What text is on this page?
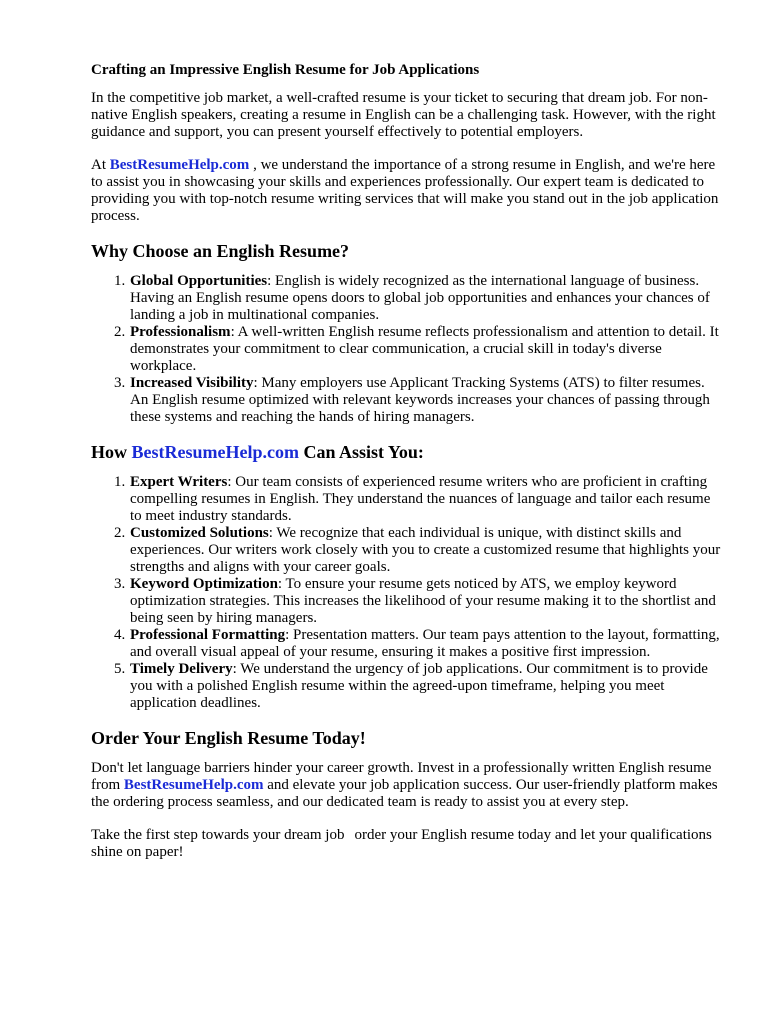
Crafting an Impressive English Resume for Job Applications

In the competitive job market, a well-crafted resume is your ticket to securing that dream job. For non-native English speakers, creating a resume in English can be a challenging task. However, with the right guidance and support, you can present yourself effectively to potential employers.

At BestResumeHelp.com , we understand the importance of a strong resume in English, and we're here to assist you in showcasing your skills and experiences professionally. Our expert team is dedicated to providing you with top-notch resume writing services that will make you stand out in the job application process.

Why Choose an English Resume?
1. Global Opportunities: English is widely recognized as the international language of business. Having an English resume opens doors to global job opportunities and enhances your chances of landing a job in multinational companies.
2. Professionalism: A well-written English resume reflects professionalism and attention to detail. It demonstrates your commitment to clear communication, a crucial skill in today's diverse workplace.
3. Increased Visibility: Many employers use Applicant Tracking Systems (ATS) to filter resumes. An English resume optimized with relevant keywords increases your chances of passing through these systems and reaching the hands of hiring managers.
How BestResumeHelp.com Can Assist You:
1. Expert Writers: Our team consists of experienced resume writers who are proficient in crafting compelling resumes in English. They understand the nuances of language and tailor each resume to meet industry standards.
2. Customized Solutions: We recognize that each individual is unique, with distinct skills and experiences. Our writers work closely with you to create a customized resume that highlights your strengths and aligns with your career goals.
3. Keyword Optimization: To ensure your resume gets noticed by ATS, we employ keyword optimization strategies. This increases the likelihood of your resume making it to the shortlist and being seen by hiring managers.
4. Professional Formatting: Presentation matters. Our team pays attention to the layout, formatting, and overall visual appeal of your resume, ensuring it makes a positive first impression.
5. Timely Delivery: We understand the urgency of job applications. Our commitment is to provide you with a polished English resume within the agreed-upon timeframe, helping you meet application deadlines.
Order Your English Resume Today!

Don't let language barriers hinder your career growth. Invest in a professionally written English resume from BestResumeHelp.com and elevate your job application success. Our user-friendly platform makes the ordering process seamless, and our dedicated team is ready to assist you at every step.

Take the first step towards your dream job order your English resume today and let your qualifications shine on paper!
